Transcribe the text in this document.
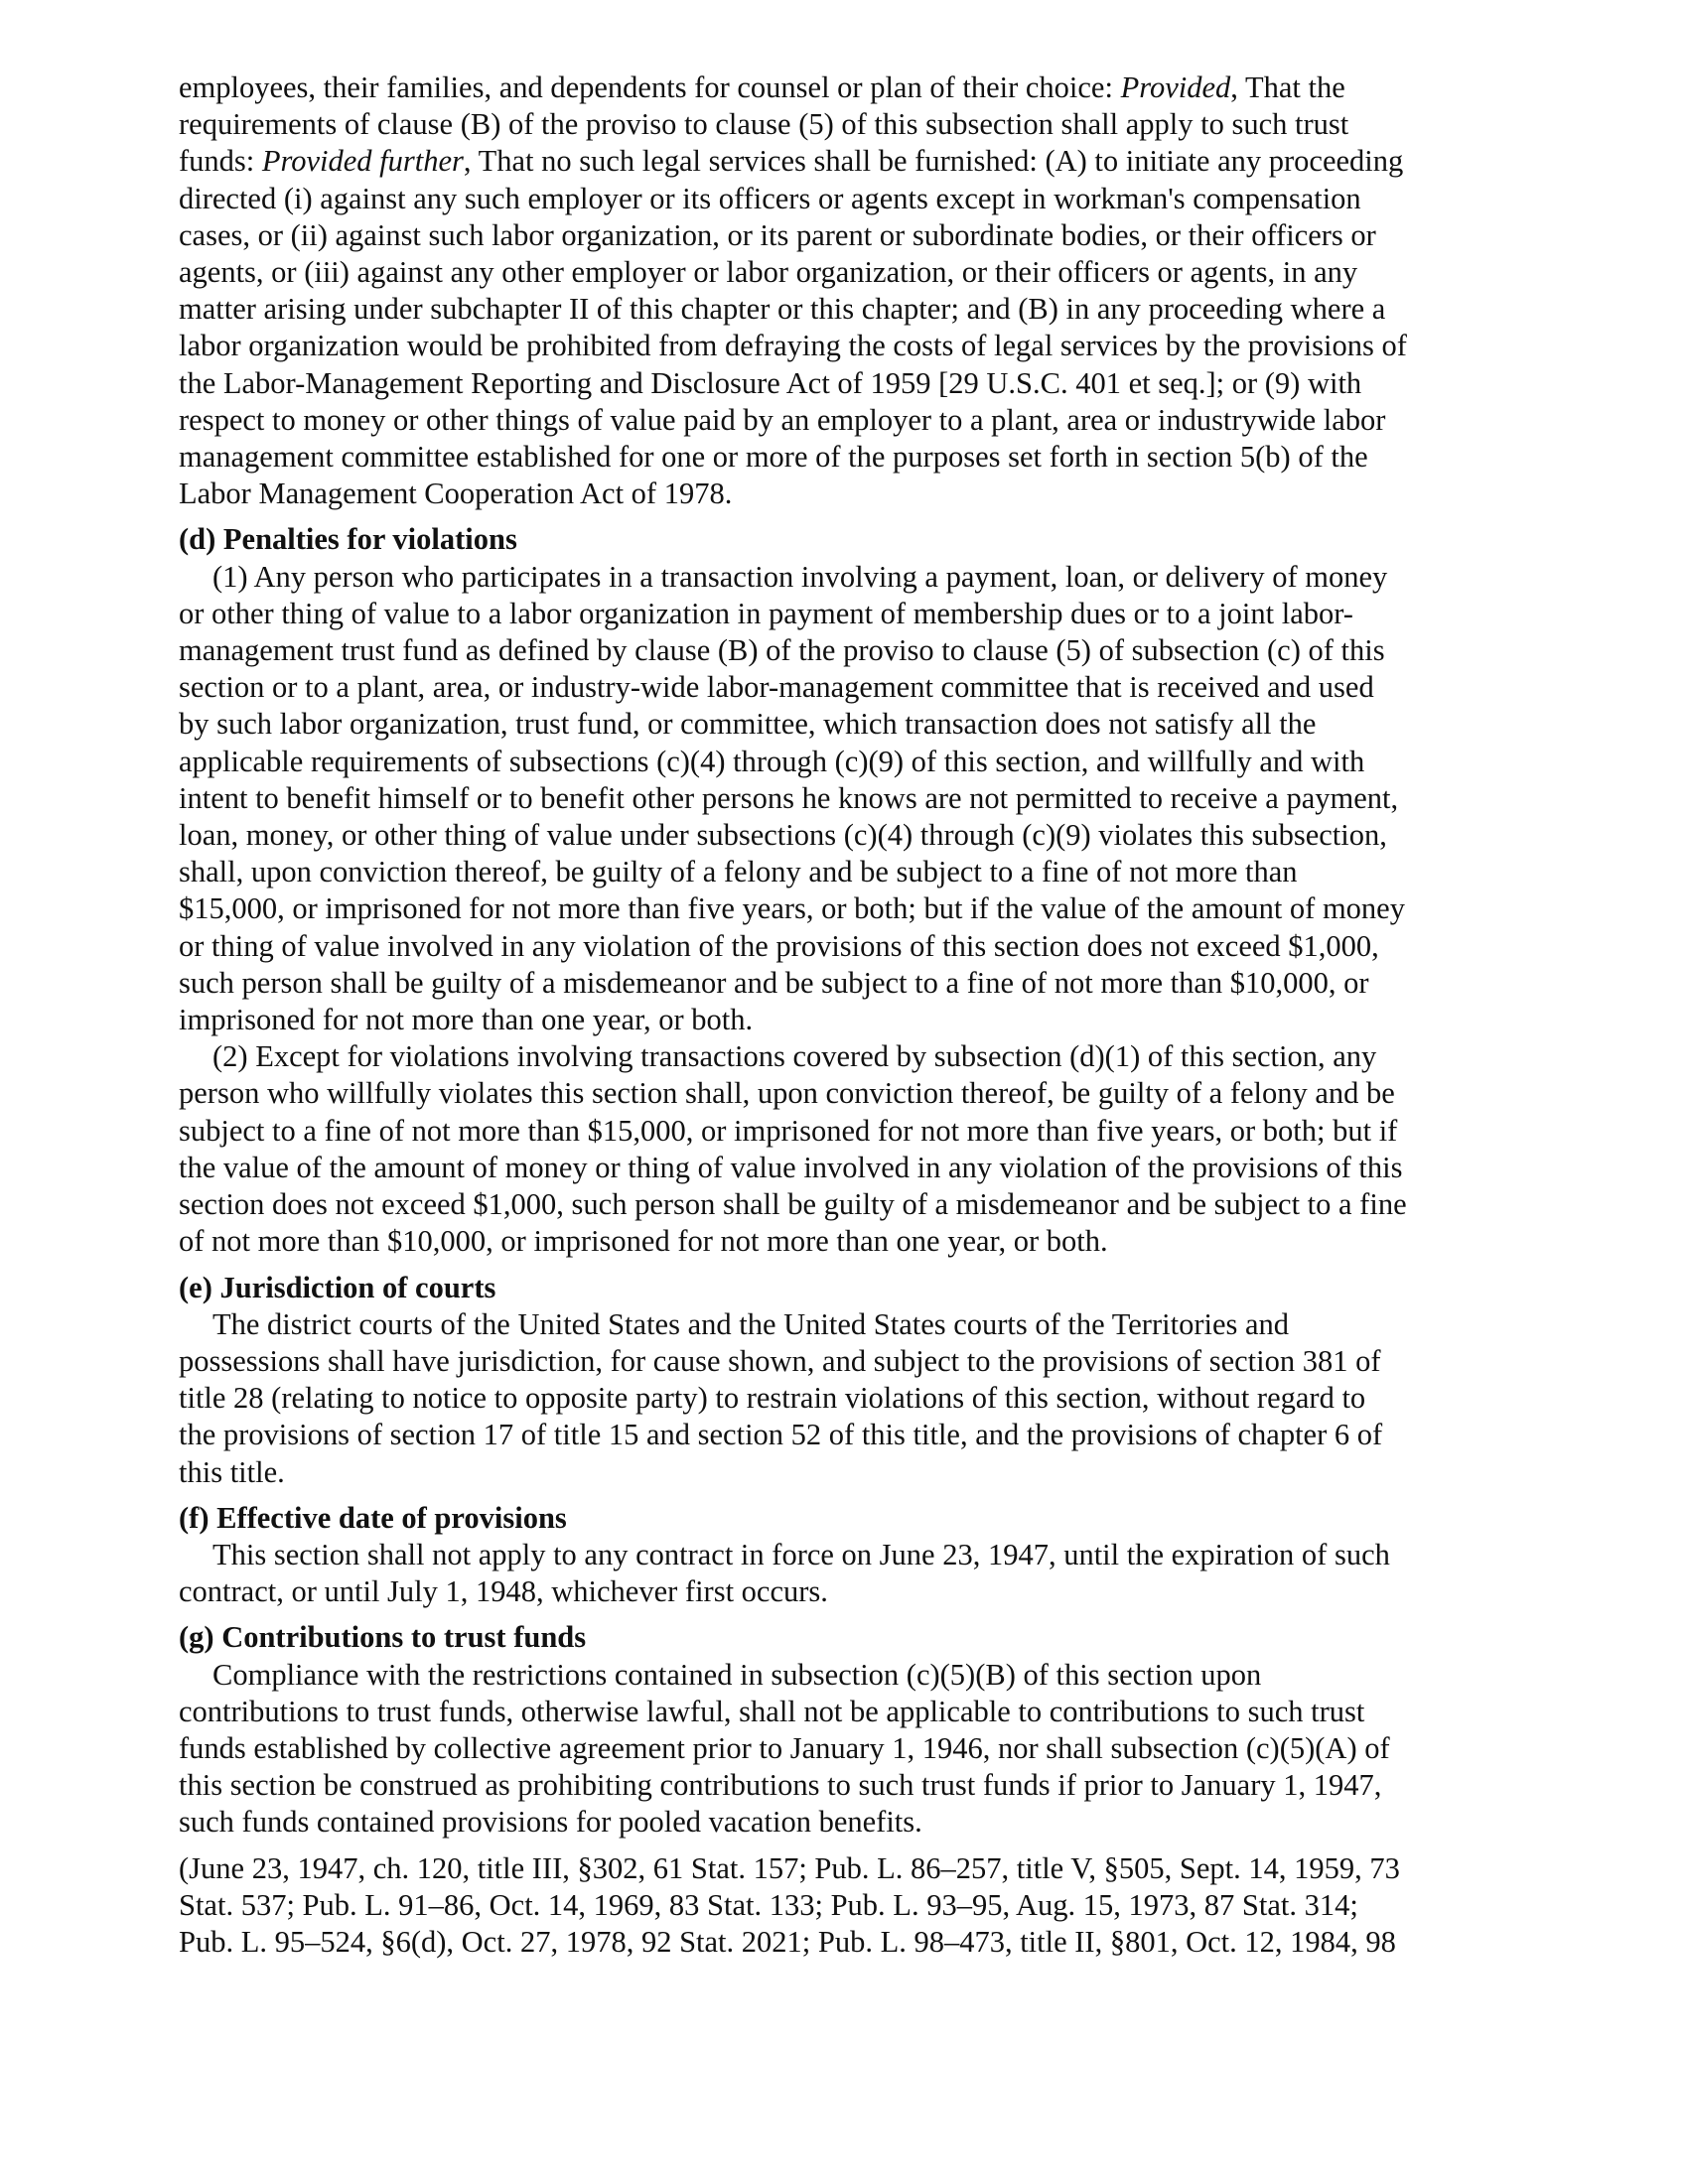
employees, their families, and dependents for counsel or plan of their choice: Provided, That the
requirements of clause (B) of the proviso to clause (5) of this subsection shall apply to such trust
funds: Provided further, That no such legal services shall be furnished: (A) to initiate any proceeding
directed (i) against any such employer or its officers or agents except in workman's compensation
cases, or (ii) against such labor organization, or its parent or subordinate bodies, or their officers or
agents, or (iii) against any other employer or labor organization, or their officers or agents, in any
matter arising under subchapter II of this chapter or this chapter; and (B) in any proceeding where a
labor organization would be prohibited from defraying the costs of legal services by the provisions of
the Labor-Management Reporting and Disclosure Act of 1959 [29 U.S.C. 401 et seq.]; or (9) with
respect to money or other things of value paid by an employer to a plant, area or industrywide labor
management committee established for one or more of the purposes set forth in section 5(b) of the
Labor Management Cooperation Act of 1978.
(d) Penalties for violations
(1) Any person who participates in a transaction involving a payment, loan, or delivery of money
or other thing of value to a labor organization in payment of membership dues or to a joint labor-
management trust fund as defined by clause (B) of the proviso to clause (5) of subsection (c) of this
section or to a plant, area, or industry-wide labor-management committee that is received and used
by such labor organization, trust fund, or committee, which transaction does not satisfy all the
applicable requirements of subsections (c)(4) through (c)(9) of this section, and willfully and with
intent to benefit himself or to benefit other persons he knows are not permitted to receive a payment,
loan, money, or other thing of value under subsections (c)(4) through (c)(9) violates this subsection,
shall, upon conviction thereof, be guilty of a felony and be subject to a fine of not more than
$15,000, or imprisoned for not more than five years, or both; but if the value of the amount of money
or thing of value involved in any violation of the provisions of this section does not exceed $1,000,
such person shall be guilty of a misdemeanor and be subject to a fine of not more than $10,000, or
imprisoned for not more than one year, or both.
(2) Except for violations involving transactions covered by subsection (d)(1) of this section, any
person who willfully violates this section shall, upon conviction thereof, be guilty of a felony and be
subject to a fine of not more than $15,000, or imprisoned for not more than five years, or both; but if
the value of the amount of money or thing of value involved in any violation of the provisions of this
section does not exceed $1,000, such person shall be guilty of a misdemeanor and be subject to a fine
of not more than $10,000, or imprisoned for not more than one year, or both.
(e) Jurisdiction of courts
The district courts of the United States and the United States courts of the Territories and
possessions shall have jurisdiction, for cause shown, and subject to the provisions of section 381 of
title 28 (relating to notice to opposite party) to restrain violations of this section, without regard to
the provisions of section 17 of title 15 and section 52 of this title, and the provisions of chapter 6 of
this title.
(f) Effective date of provisions
This section shall not apply to any contract in force on June 23, 1947, until the expiration of such
contract, or until July 1, 1948, whichever first occurs.
(g) Contributions to trust funds
Compliance with the restrictions contained in subsection (c)(5)(B) of this section upon
contributions to trust funds, otherwise lawful, shall not be applicable to contributions to such trust
funds established by collective agreement prior to January 1, 1946, nor shall subsection (c)(5)(A) of
this section be construed as prohibiting contributions to such trust funds if prior to January 1, 1947,
such funds contained provisions for pooled vacation benefits.
(June 23, 1947, ch. 120, title III, §302, 61 Stat. 157; Pub. L. 86–257, title V, §505, Sept. 14, 1959, 73
Stat. 537; Pub. L. 91–86, Oct. 14, 1969, 83 Stat. 133; Pub. L. 93–95, Aug. 15, 1973, 87 Stat. 314;
Pub. L. 95–524, §6(d), Oct. 27, 1978, 92 Stat. 2021; Pub. L. 98–473, title II, §801, Oct. 12, 1984, 98
